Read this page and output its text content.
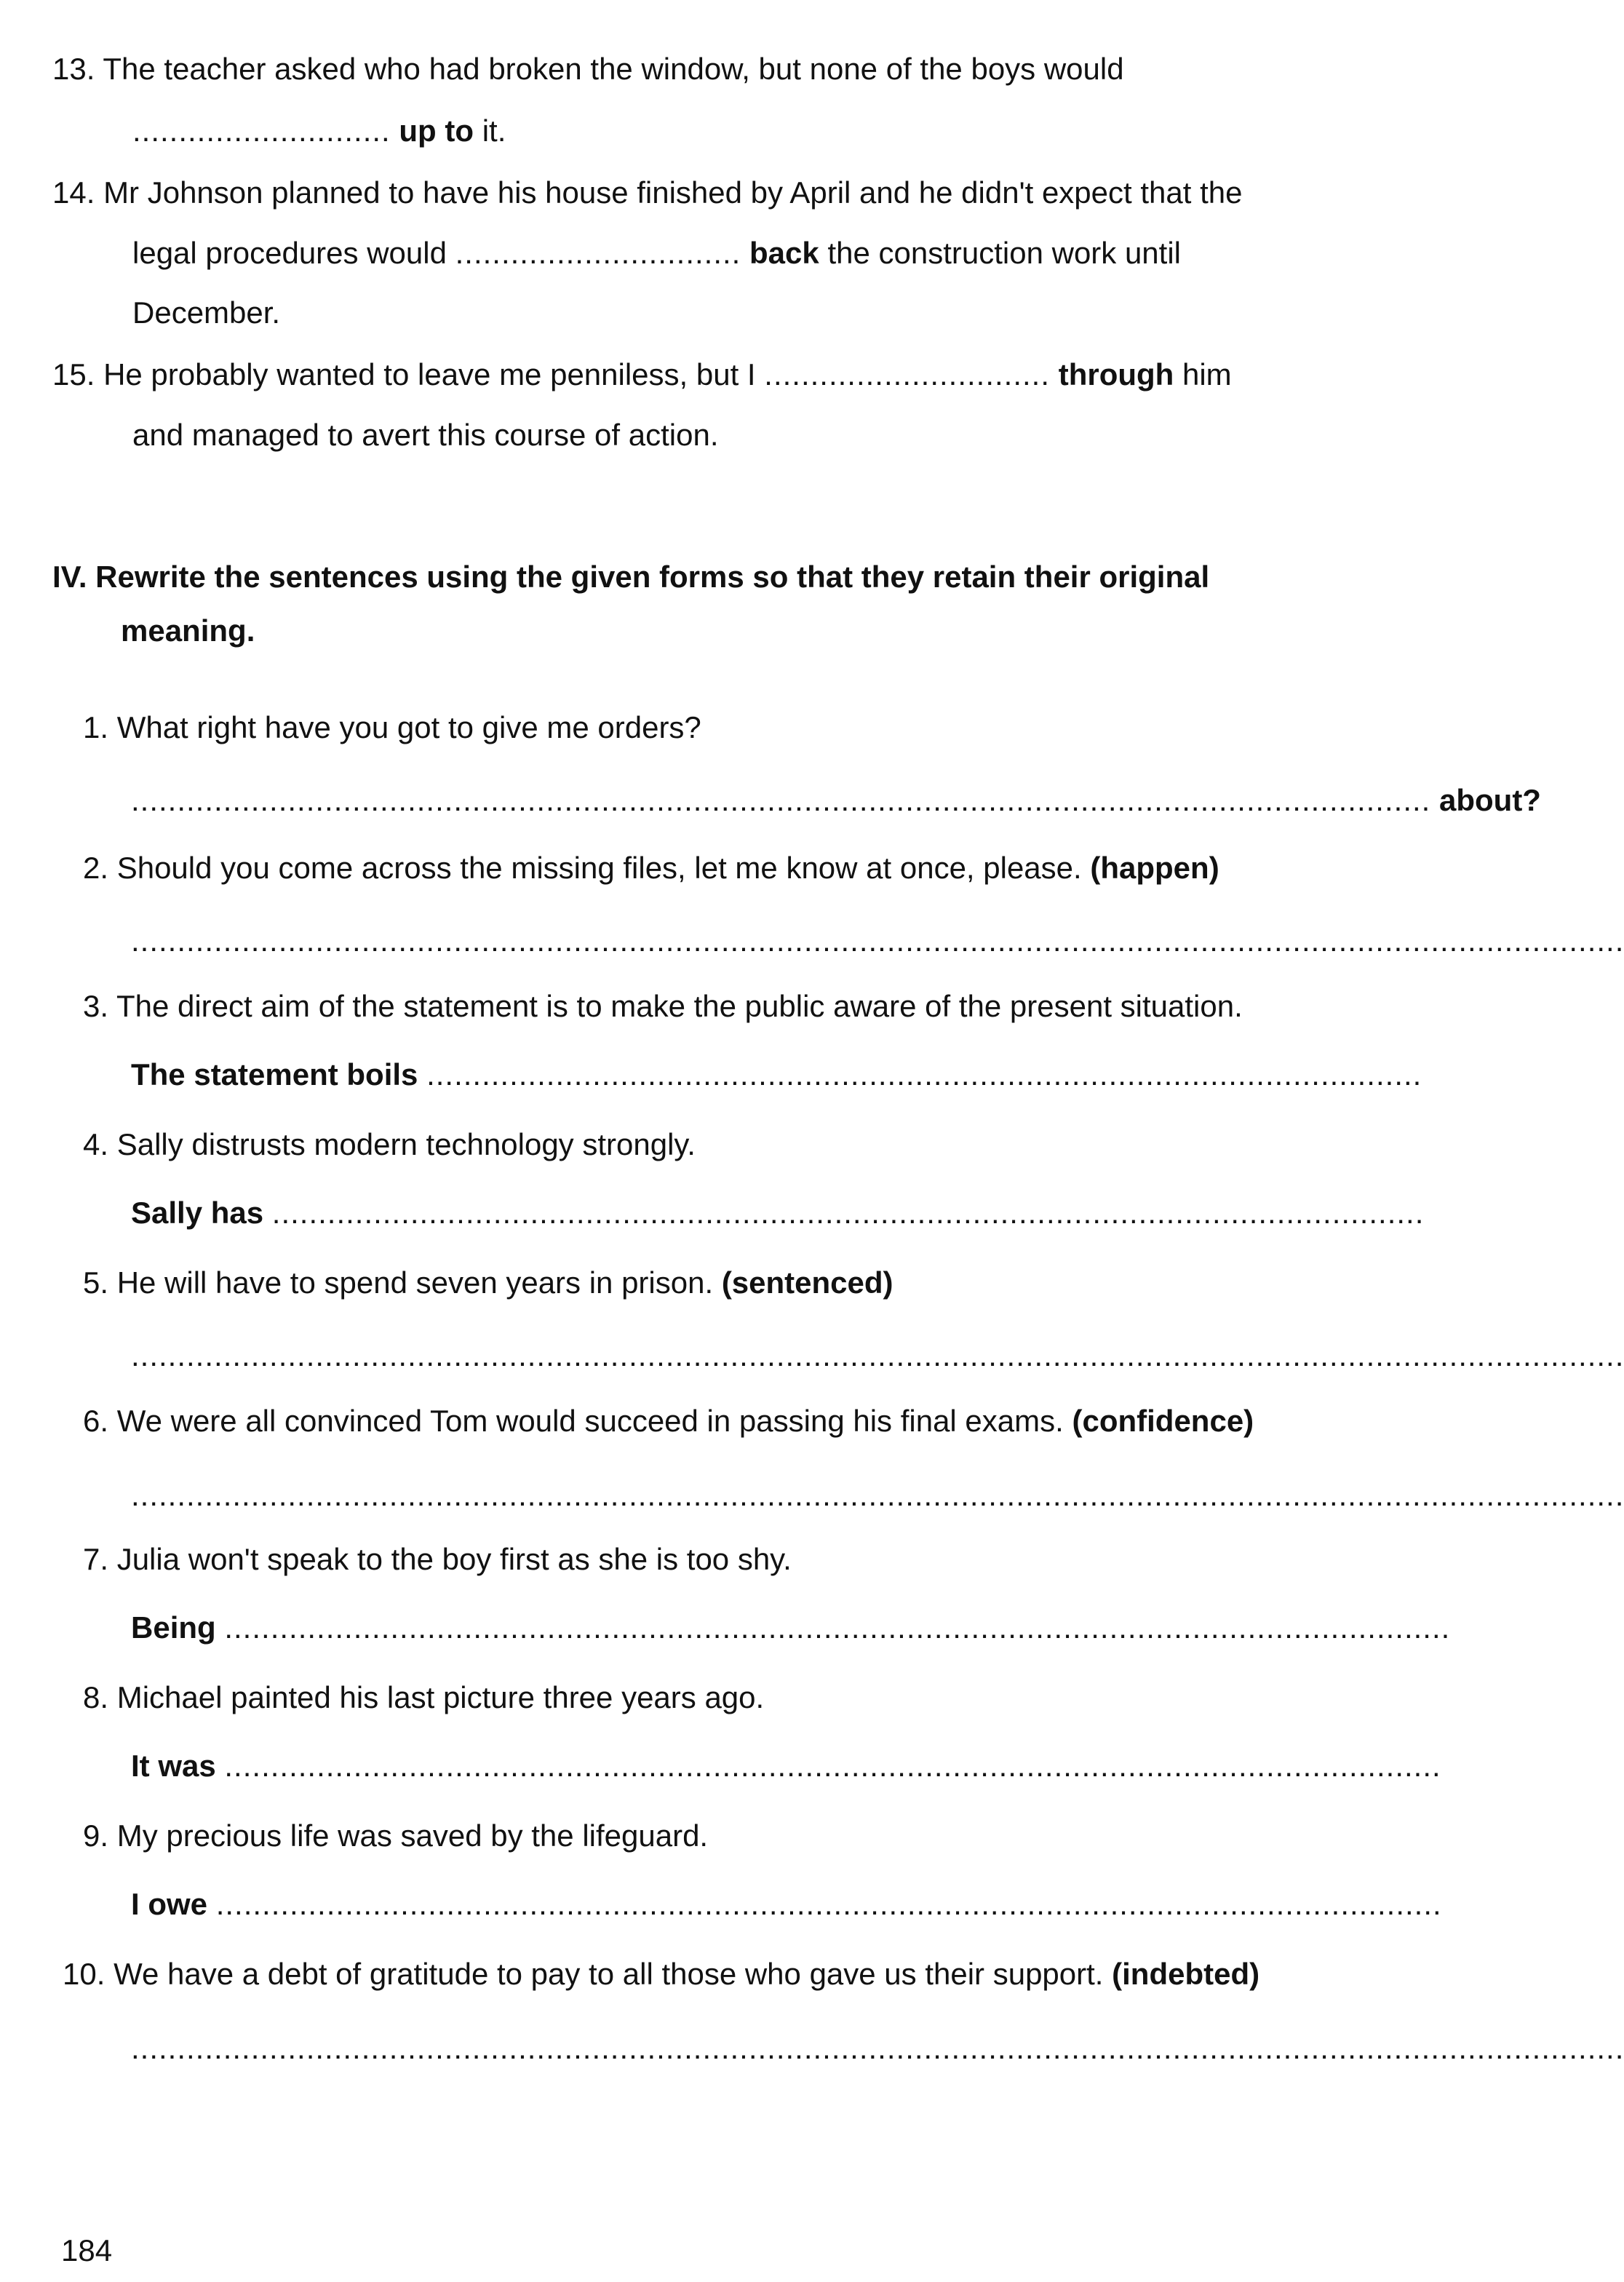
13. The teacher asked who had broken the window, but none of the boys would
............................ up to it.
14. Mr Johnson planned to have his house finished by April and he didn't expect that the
legal procedures would ............................... back the construction work until
December.
15. He probably wanted to leave me penniless, but I ............................... through him
and managed to avert this course of action.
IV. Rewrite the sentences using the given forms so that they retain their original
meaning.
1. What right have you got to give me orders?
............................................................................................................................................. about?
2. Should you come across the missing files, let me know at once, please. (happen)
..................................................................................................................................................................
3. The direct aim of the statement is to make the public aware of the present situation.
The statement boils ............................................................................................................
4. Sally distrusts modern technology strongly.
Sally has .............................................................................................................................
5. He will have to spend seven years in prison. (sentenced)
..................................................................................................................................................................
6. We were all convinced Tom would succeed in passing his final exams. (confidence)
..................................................................................................................................................................
7. Julia won't speak to the boy first as she is too shy.
Being .....................................................................................................................................
8. Michael painted his last picture three years ago.
It was ....................................................................................................................................
9. My precious life was saved by the lifeguard.
I owe .....................................................................................................................................
10. We have a debt of gratitude to pay to all those who gave us their support. (indebted)
..................................................................................................................................................................
184
